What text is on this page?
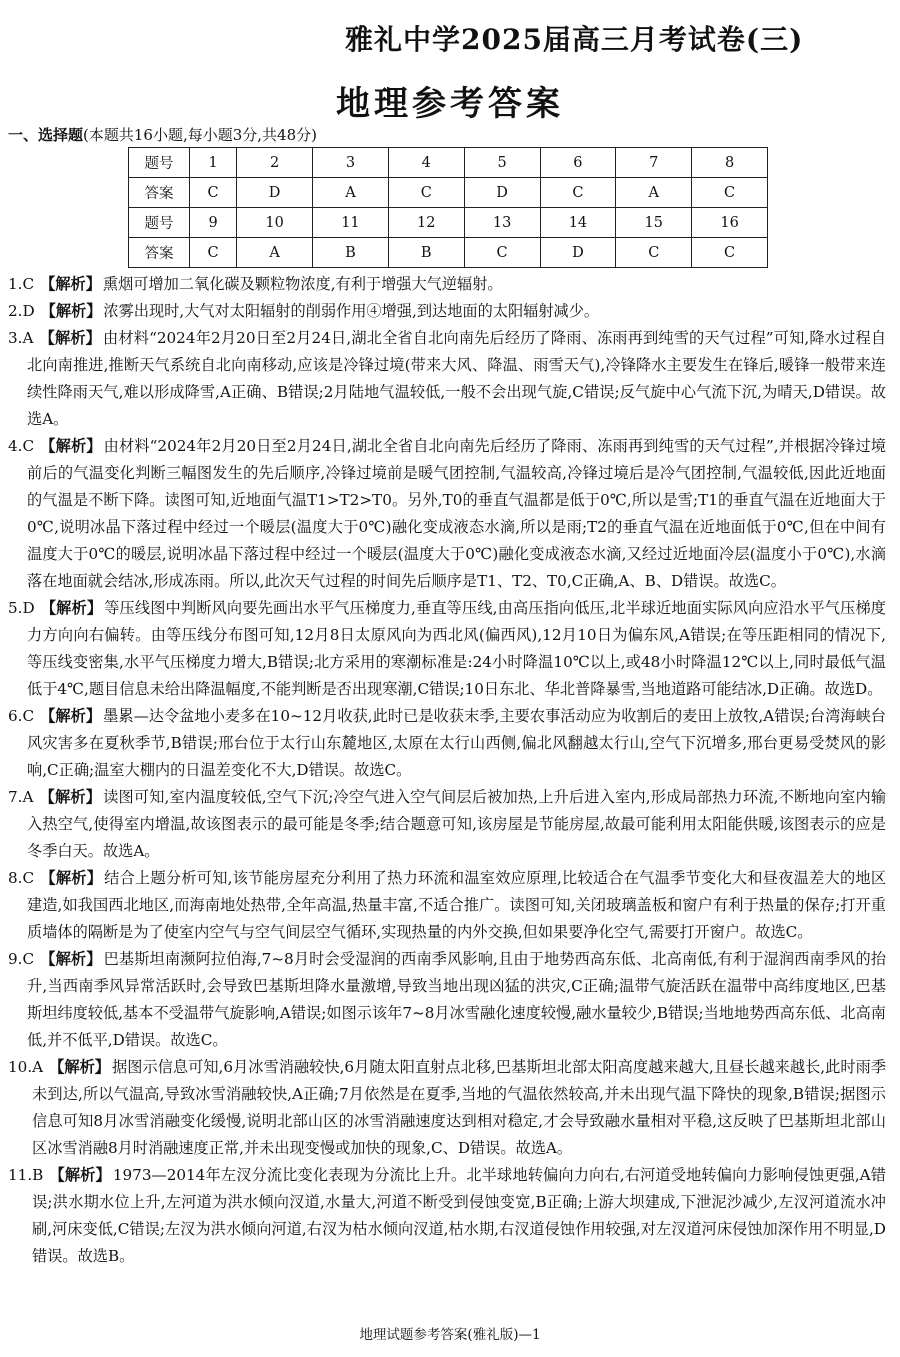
雅礼中学2025届高三月考试卷(三)
地理参考答案
一、选择题(本题共16小题,每小题3分,共48分)
题号	1	2	3	4	5	6	7	8
答案	C	D	A	C	D	C	A	C
题号	9	10	11	12	13	14	15	16
答案	C	A	B	B	C	D	C	C

1.C 【解析】 熏烟可增加二氧化碳及颗粒物浓度,有利于增强大气逆辐射。

2.D 【解析】 浓雾出现时,大气对太阳辐射的削弱作用④增强,到达地面的太阳辐射减少。

3.A 【解析】 由材料“2024年2月20日至2月24日,湖北全省自北向南先后经历了降雨、冻雨再到纯雪的天气过程”可知,降水过程自北向南推进,推断天气系统自北向南移动,应该是冷锋过境(带来大风、降温、雨雪天气),冷锋降水主要发生在锋后,暖锋一般带来连续性降雨天气,难以形成降雪,A正确、B错误;2月陆地气温较低,一般不会出现气旋,C错误;反气旋中心气流下沉,为晴天,D错误。故选A。

4.C 【解析】 由材料“2024年2月20日至2月24日,湖北全省自北向南先后经历了降雨、冻雨再到纯雪的天气过程”,并根据冷锋过境前后的气温变化判断三幅图发生的先后顺序,冷锋过境前是暖气团控制,气温较高,冷锋过境后是冷气团控制,气温较低,因此近地面的气温是不断下降。读图可知,近地面气温T1>T2>T0。另外,T0的垂直气温都是低于0℃,所以是雪;T1的垂直气温在近地面大于0℃,说明冰晶下落过程中经过一个暖层(温度大于0℃)融化变成液态水滴,所以是雨;T2的垂直气温在近地面低于0℃,但在中间有温度大于0℃的暖层,说明冰晶下落过程中经过一个暖层(温度大于0℃)融化变成液态水滴,又经过近地面冷层(温度小于0℃),水滴落在地面就会结冰,形成冻雨。所以,此次天气过程的时间先后顺序是T1、T2、T0,C正确,A、B、D错误。故选C。

5.D 【解析】 等压线图中判断风向要先画出水平气压梯度力,垂直等压线,由高压指向低压,北半球近地面实际风向应沿水平气压梯度力方向向右偏转。由等压线分布图可知,12月8日太原风向为西北风(偏西风),12月10日为偏东风,A错误;在等压距相同的情况下,等压线变密集,水平气压梯度力增大,B错误;北方采用的寒潮标准是:24小时降温10℃以上,或48小时降温12℃以上,同时最低气温低于4℃,题目信息未给出降温幅度,不能判断是否出现寒潮,C错误;10日东北、华北普降暴雪,当地道路可能结冰,D正确。故选D。

6.C 【解析】 墨累—达令盆地小麦多在10~12月收获,此时已是收获末季,主要农事活动应为收割后的麦田上放牧,A错误;台湾海峡台风灾害多在夏秋季节,B错误;邢台位于太行山东麓地区,太原在太行山西侧,偏北风翻越太行山,空气下沉增多,邢台更易受焚风的影响,C正确;温室大棚内的日温差变化不大,D错误。故选C。

7.A 【解析】 读图可知,室内温度较低,空气下沉;冷空气进入空气间层后被加热,上升后进入室内,形成局部热力环流,不断地向室内输入热空气,使得室内增温,故该图表示的最可能是冬季;结合题意可知,该房屋是节能房屋,故最可能利用太阳能供暖,该图表示的应是冬季白天。故选A。

8.C 【解析】 结合上题分析可知,该节能房屋充分利用了热力环流和温室效应原理,比较适合在气温季节变化大和昼夜温差大的地区建造,如我国西北地区,而海南地处热带,全年高温,热量丰富,不适合推广。读图可知,关闭玻璃盖板和窗户有利于热量的保存;打开重质墙体的隔断是为了使室内空气与空气间层空气循环,实现热量的内外交换,但如果要净化空气,需要打开窗户。故选C。

9.C 【解析】 巴基斯坦南濒阿拉伯海,7~8月时会受湿润的西南季风影响,且由于地势西高东低、北高南低,有利于湿润西南季风的抬升,当西南季风异常活跃时,会导致巴基斯坦降水量激增,导致当地出现凶猛的洪灾,C正确;温带气旋活跃在温带中高纬度地区,巴基斯坦纬度较低,基本不受温带气旋影响,A错误;如图示该年7~8月冰雪融化速度较慢,融水量较少,B错误;当地地势西高东低、北高南低,并不低平,D错误。故选C。

10.A 【解析】 据图示信息可知,6月冰雪消融较快,6月随太阳直射点北移,巴基斯坦北部太阳高度越来越大,且昼长越来越长,此时雨季未到达,所以气温高,导致冰雪消融较快,A正确;7月依然是在夏季,当地的气温依然较高,并未出现气温下降快的现象,B错误;据图示信息可知8月冰雪消融变化缓慢,说明北部山区的冰雪消融速度达到相对稳定,才会导致融水量相对平稳,这反映了巴基斯坦北部山区冰雪消融8月时消融速度正常,并未出现变慢或加快的现象,C、D错误。故选A。

11.B 【解析】 1973—2014年左汊分流比变化表现为分流比上升。北半球地转偏向力向右,右河道受地转偏向力影响侵蚀更强,A错误;洪水期水位上升,左河道为洪水倾向汊道,水量大,河道不断受到侵蚀变宽,B正确;上游大坝建成,下泄泥沙减少,左汊河道流水冲刷,河床变低,C错误;左汊为洪水倾向河道,右汊为枯水倾向汊道,枯水期,右汊道侵蚀作用较强,对左汊道河床侵蚀加深作用不明显,D错误。故选B。

地理试题参考答案(雅礼版)—1
